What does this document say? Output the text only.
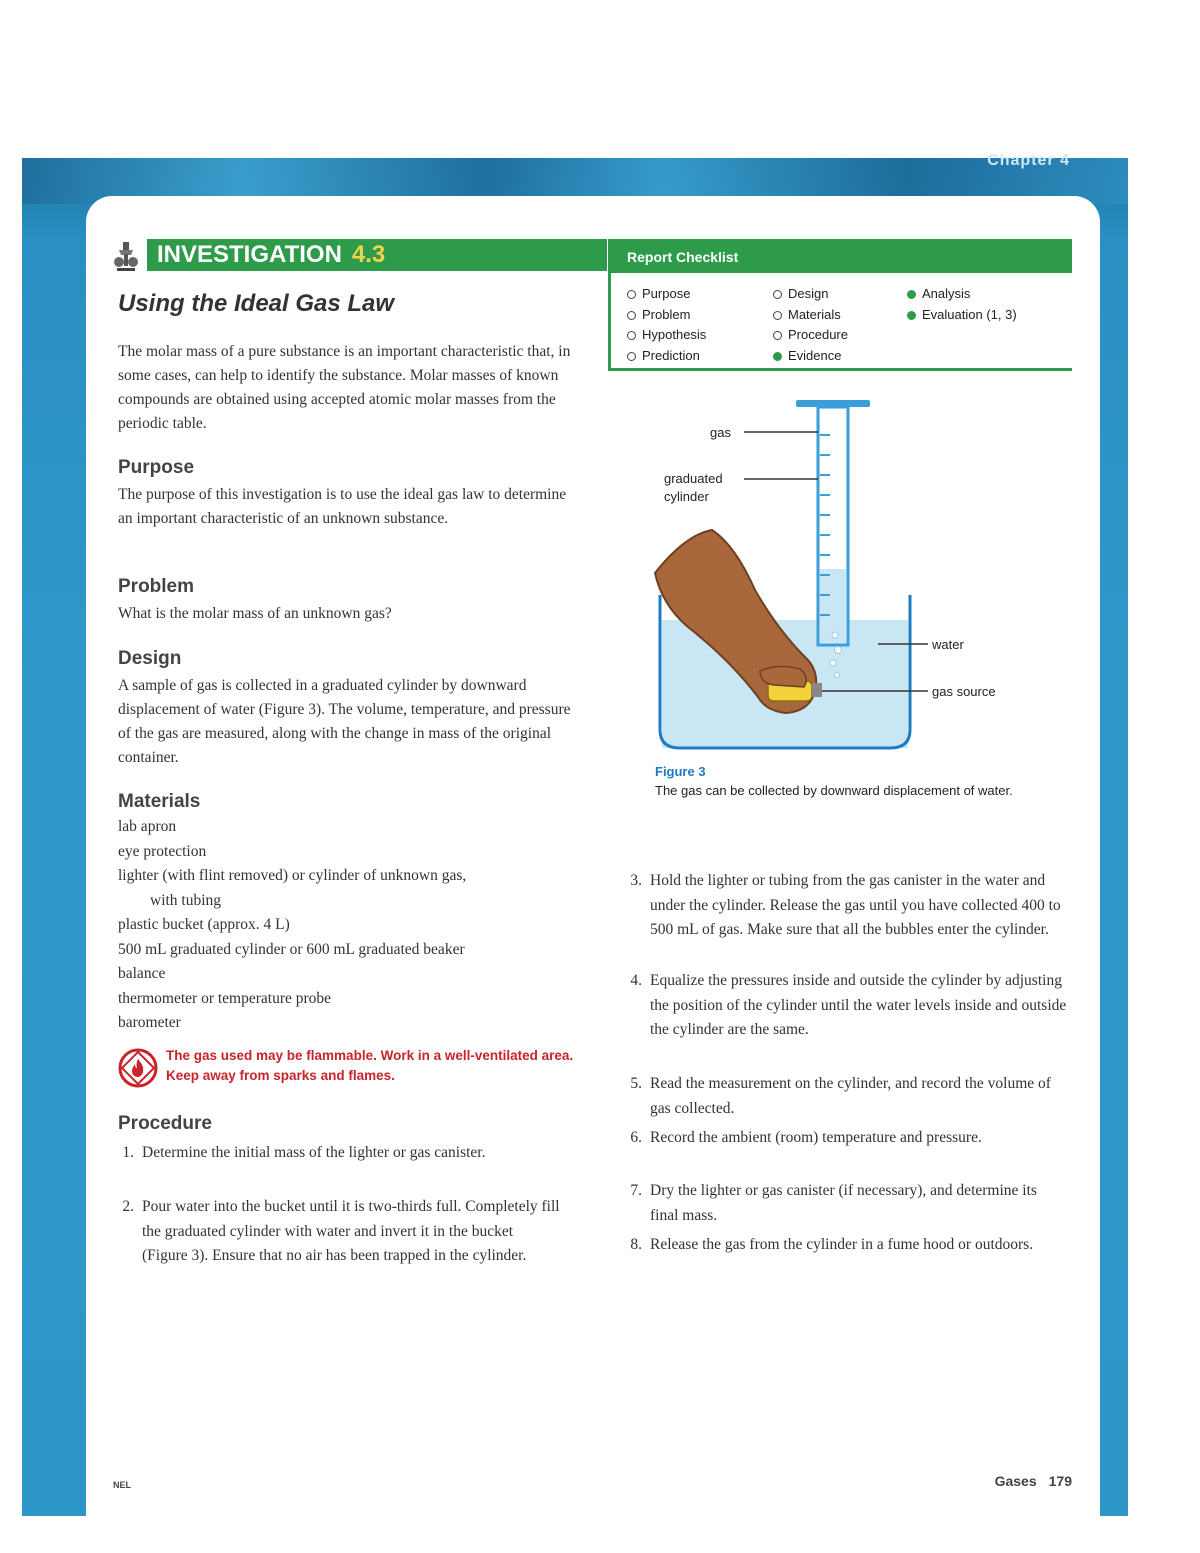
Chapter 4
INVESTIGATION 4.3	Report Checklist
Purpose
Problem
Hypothesis
Prediction
Design
Materials
Procedure
Evidence
Analysis
Evaluation (1, 3)
Using the Ideal Gas Law
The molar mass of a pure substance is an important characteristic that, in some cases, can help to identify the substance. Molar masses of known compounds are obtained using accepted atomic molar masses from the periodic table.
Purpose
The purpose of this investigation is to use the ideal gas law to determine an important characteristic of an unknown substance.
Problem
What is the molar mass of an unknown gas?
Design
A sample of gas is collected in a graduated cylinder by downward displacement of water (Figure 3). The volume, temperature, and pressure of the gas are measured, along with the change in mass of the original container.
Materials
lab apron
eye protection
lighter (with flint removed) or cylinder of unknown gas,
with tubing
plastic bucket (approx. 4 L)
500 mL graduated cylinder or 600 mL graduated beaker
balance
thermometer or temperature probe
barometer
The gas used may be flammable. Work in a well-ventilated area. Keep away from sparks and flames.
Procedure
1. Determine the initial mass of the lighter or gas canister.
2. Pour water into the bucket until it is two-thirds full. Completely fill the graduated cylinder with water and invert it in the bucket (Figure 3). Ensure that no air has been trapped in the cylinder.
3. Hold the lighter or tubing from the gas canister in the water and under the cylinder. Release the gas until you have collected 400 to 500 mL of gas. Make sure that all the bubbles enter the cylinder.
4. Equalize the pressures inside and outside the cylinder by adjusting the position of the cylinder until the water levels inside and outside the cylinder are the same.
5. Read the measurement on the cylinder, and record the volume of gas collected.
6. Record the ambient (room) temperature and pressure.
7. Dry the lighter or gas canister (if necessary), and determine its final mass.
8. Release the gas from the cylinder in a fume hood or outdoors.
gas
graduated
cylinder
water
gas source
Figure 3
The gas can be collected by downward displacement of water.
NEL	Gases 179
